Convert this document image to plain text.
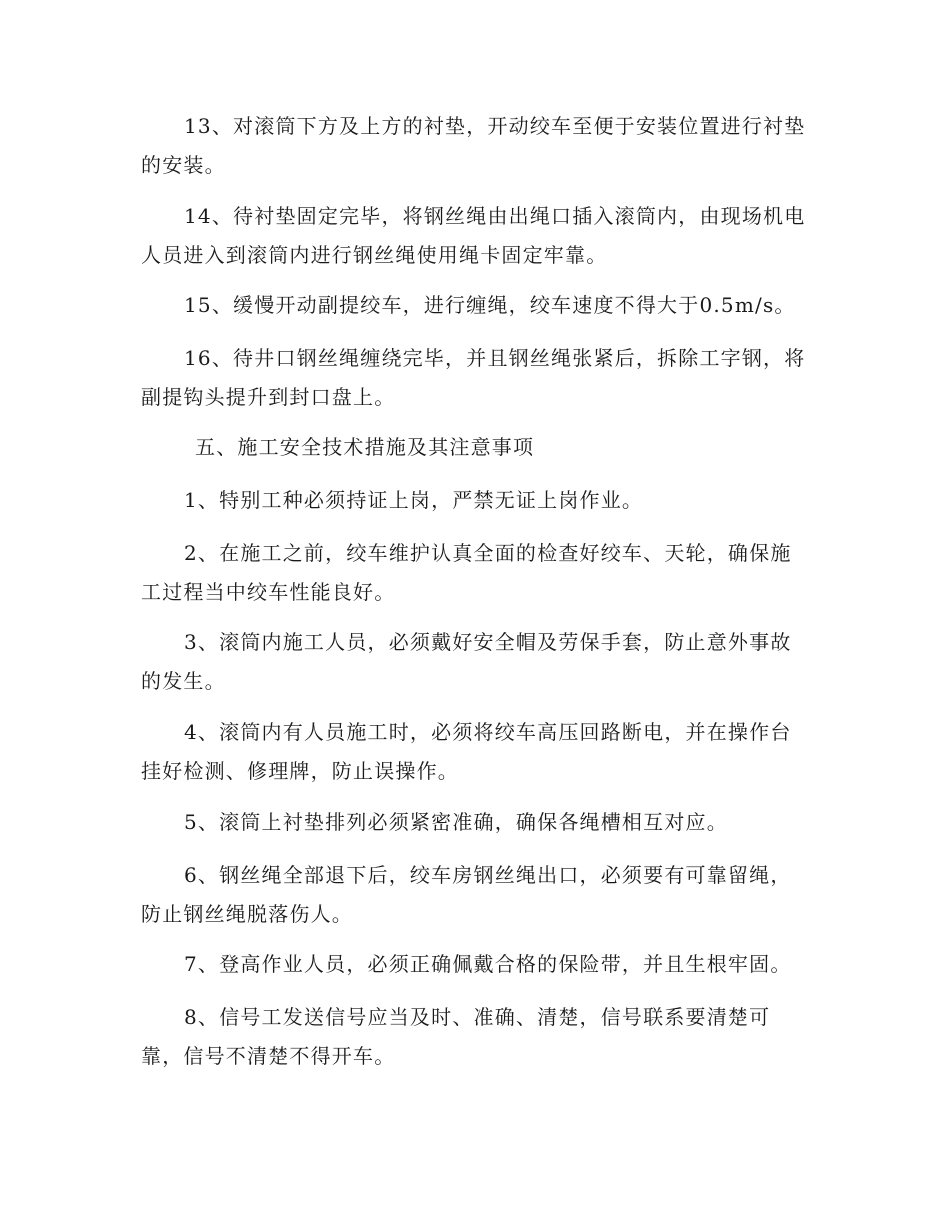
13、对滚筒下方及上方的衬垫，开动绞车至便于安装位置进行衬垫的安装。

14、待衬垫固定完毕，将钢丝绳由出绳口插入滚筒内，由现场机电人员进入到滚筒内进行钢丝绳使用绳卡固定牢靠。

15、缓慢开动副提绞车，进行缠绳，绞车速度不得大于0.5m/s。

16、待井口钢丝绳缠绕完毕，并且钢丝绳张紧后，拆除工字钢，将副提钩头提升到封口盘上。

五、施工安全技术措施及其注意事项

1、特别工种必须持证上岗，严禁无证上岗作业。

2、在施工之前，绞车维护认真全面的检查好绞车、天轮，确保施工过程当中绞车性能良好。

3、滚筒内施工人员，必须戴好安全帽及劳保手套，防止意外事故的发生。

4、滚筒内有人员施工时，必须将绞车高压回路断电，并在操作台挂好检测、修理牌，防止误操作。

5、滚筒上衬垫排列必须紧密准确，确保各绳槽相互对应。

6、钢丝绳全部退下后，绞车房钢丝绳出口，必须要有可靠留绳，防止钢丝绳脱落伤人。

7、登高作业人员，必须正确佩戴合格的保险带，并且生根牢固。

8、信号工发送信号应当及时、准确、清楚，信号联系要清楚可靠，信号不清楚不得开车。
